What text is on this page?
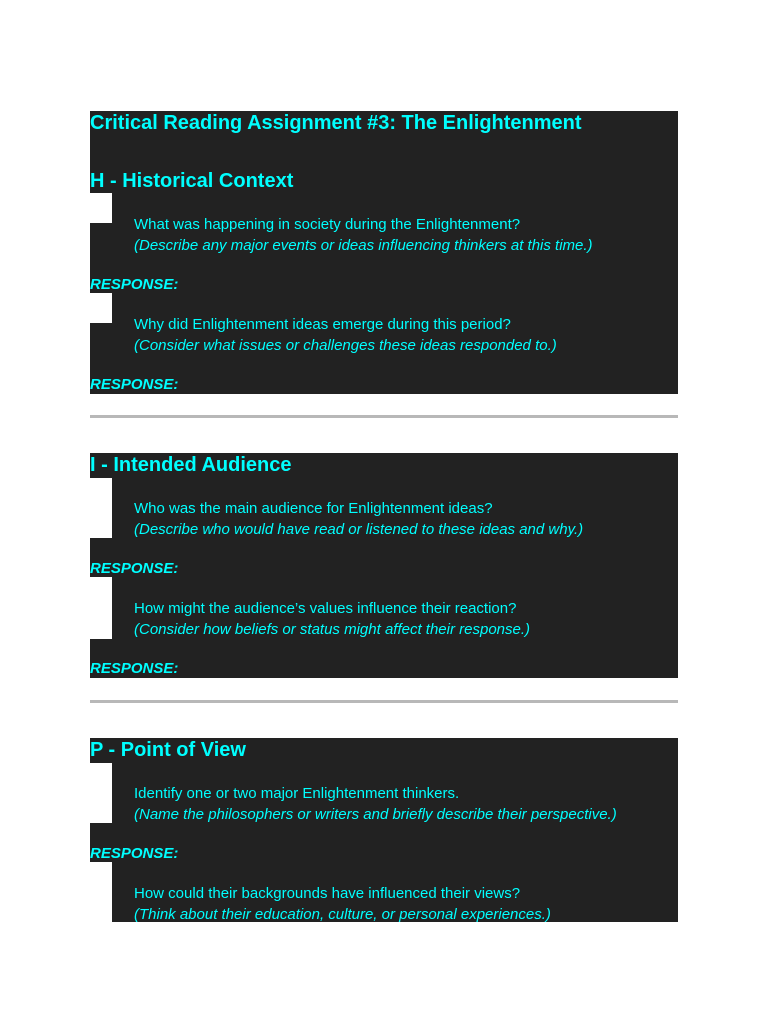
Critical Reading Assignment #3: The Enlightenment
H - Historical Context
1. What was happening in society during the Enlightenment?
(Describe any major events or ideas influencing thinkers at this time.)
RESPONSE:
2. Why did Enlightenment ideas emerge during this period?
(Consider what issues or challenges these ideas responded to.)
RESPONSE:
I - Intended Audience
1. Who was the main audience for Enlightenment ideas?
(Describe who would have read or listened to these ideas and why.)
RESPONSE:
2. How might the audience’s values influence their reaction?
(Consider how beliefs or status might affect their response.)
RESPONSE:
P - Point of View
1. Identify one or two major Enlightenment thinkers.
(Name the philosophers or writers and briefly describe their perspective.)
RESPONSE:
2. How could their backgrounds have influenced their views?
(Think about their education, culture, or personal experiences.)
